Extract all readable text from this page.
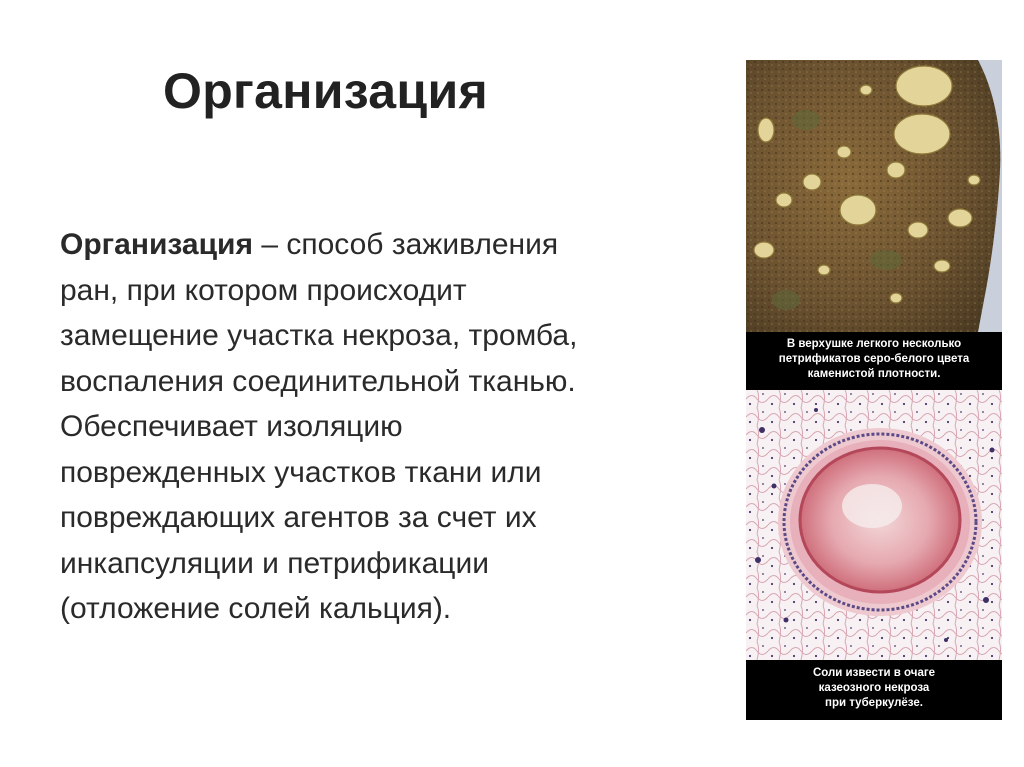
Организация
Организация – способ заживления
ран, при котором происходит
замещение участка некроза, тромба,
воспаления соединительной тканью.
Обеспечивает изоляцию
поврежденных участков ткани или
повреждающих агентов за счет их
инкапсуляции и петрификации
(отложение солей кальция).
В верхушке легкого несколько
петрификатов серо-белого цвета
каменистой плотности.
Соли извести в очаге
казеозного некроза
при туберкулёзе.
